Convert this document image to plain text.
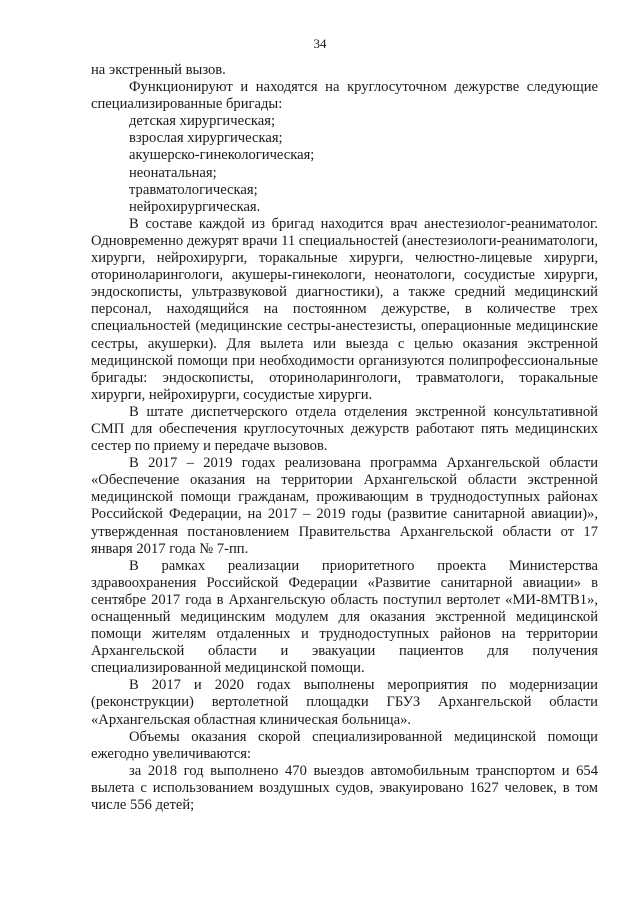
34

на экстренный вызов.

Функционируют и находятся на круглосуточном дежурстве следующие специализированные бригады:

детская хирургическая;
взрослая хирургическая;
акушерско-гинекологическая;
неонатальная;
травматологическая;
нейрохирургическая.

В составе каждой из бригад находится врач анестезиолог-реаниматолог. Одновременно дежурят врачи 11 специальностей (анестезиологи-реаниматологи, хирурги, нейрохирурги, торакальные хирурги, челюстно-лицевые хирурги, оториноларингологи, акушеры-гинекологи, неонатологи, сосудистые хирурги, эндоскописты, ультразвуковой диагностики), а также средний медицинский персонал, находящийся на постоянном дежурстве, в количестве трех специальностей (медицинские сестры-анестезисты, операционные медицинские сестры, акушерки). Для вылета или выезда с целью оказания экстренной медицинской помощи при необходимости организуются полипрофессиональные бригады: эндоскописты, оториноларингологи, травматологи, торакальные хирурги, нейрохирурги, сосудистые хирурги.

В штате диспетчерского отдела отделения экстренной консультативной СМП для обеспечения круглосуточных дежурств работают пять медицинских сестер по приему и передаче вызовов.

В 2017 – 2019 годах реализована программа Архангельской области «Обеспечение оказания на территории Архангельской области экстренной медицинской помощи гражданам, проживающим в труднодоступных районах Российской Федерации, на 2017 – 2019 годы (развитие санитарной авиации)», утвержденная постановлением Правительства Архангельской области от 17 января 2017 года № 7-пп.

В рамках реализации приоритетного проекта Министерства здравоохранения Российской Федерации «Развитие санитарной авиации» в сентябре 2017 года в Архангельскую область поступил вертолет «МИ-8МТВ1», оснащенный медицинским модулем для оказания экстренной медицинской помощи жителям отдаленных и труднодоступных районов на территории Архангельской области и эвакуации пациентов для получения специализированной медицинской помощи.

В 2017 и 2020 годах выполнены мероприятия по модернизации (реконструкции) вертолетной площадки ГБУЗ Архангельской области «Архангельская областная клиническая больница».

Объемы оказания скорой специализированной медицинской помощи ежегодно увеличиваются:

за 2018 год выполнено 470 выездов автомобильным транспортом и 654 вылета с использованием воздушных судов, эвакуировано 1627 человек, в том числе 556 детей;
